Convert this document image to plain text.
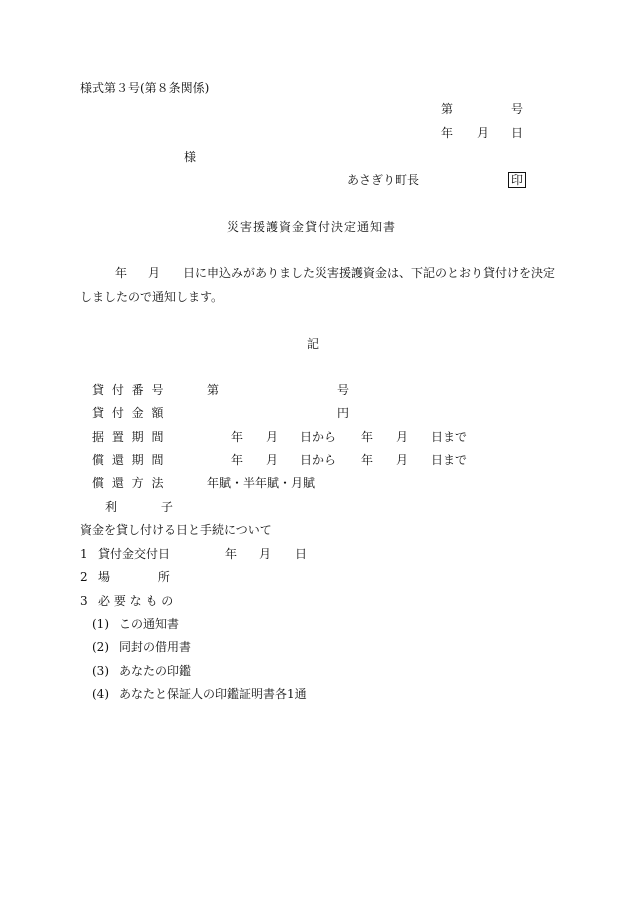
様式第３号(第８条関係)
第	号
年 月 日
様
あさぎり町長	印
災害援護資金貸付決定通知書
年 月 日に申込みがありました災害援護資金は、下記のとおり貸付けを決定
しましたので通知します。
記
貸 付 番 号	第	号
貸 付 金 額	円
据 置 期 間	年 月 日から 年 月 日まで
償 還 期 間	年 月 日から 年 月 日まで
償 還 方 法	年賦・半年賦・月賦
利 子
資金を貸し付ける日と手続について
1 貸付金交付日	年 月 日
2 場 所
3 必 要 な も の
(1) この通知書
(2) 同封の借用書
(3) あなたの印鑑
(4) あなたと保証人の印鑑証明書各1通
